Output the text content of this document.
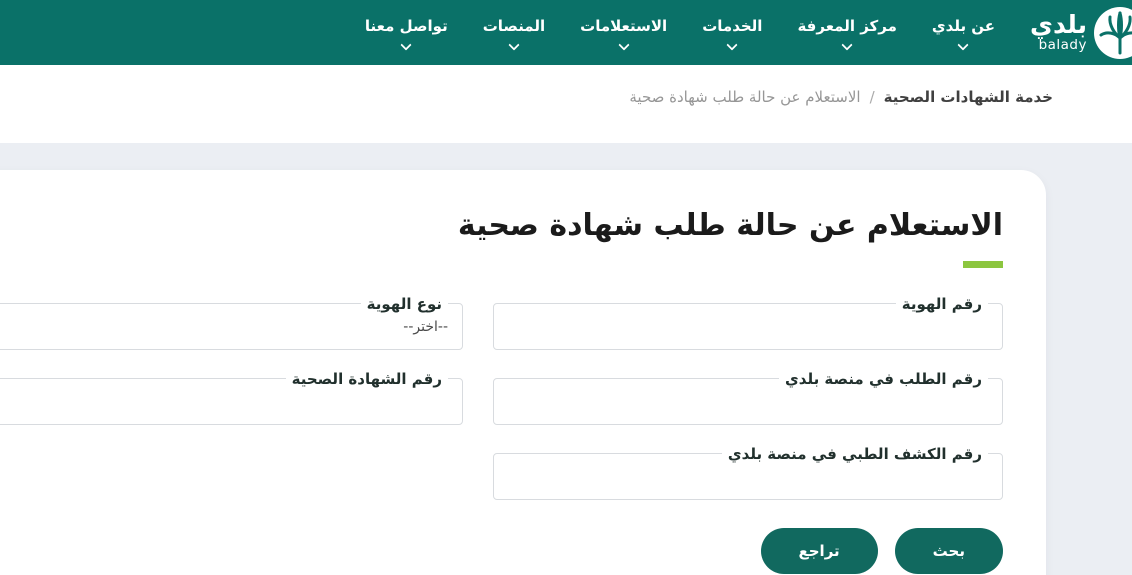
بلدي
balady
عن بلدي
مركز المعرفة
الخدمات
الاستعلامات
المنصات
تواصل معنا
خدمة الشهادات الصحية
/
الاستعلام عن حالة طلب شهادة صحية
الاستعلام عن حالة طلب شهادة صحية
رقم الهوية
نوع الهوية
--اختر--
رقم الطلب في منصة بلدي
رقم الشهادة الصحية
رقم الكشف الطبي في منصة بلدي
بحث
تراجع
